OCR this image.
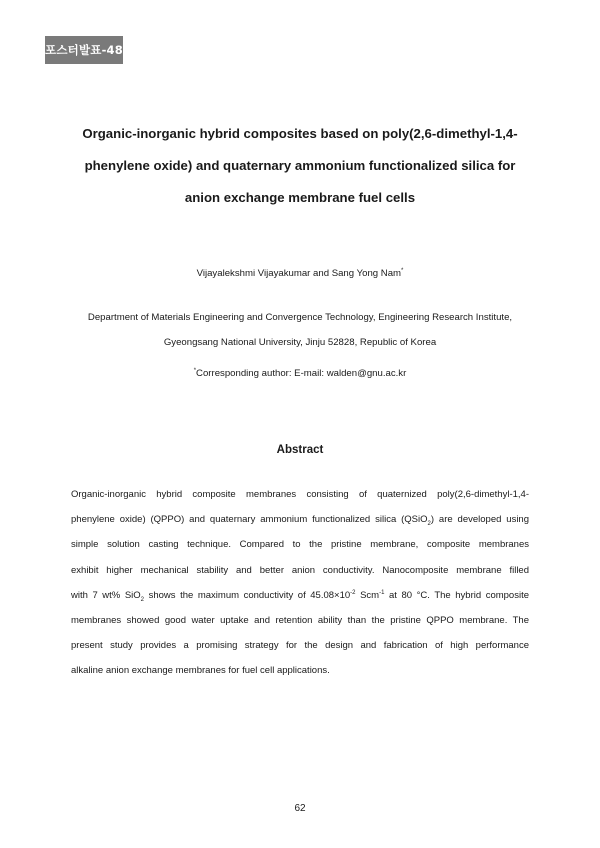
포스터발표-48
Organic-inorganic hybrid composites based on poly(2,6-dimethyl-1,4-
phenylene oxide) and quaternary ammonium functionalized silica for
anion exchange membrane fuel cells
Vijayalekshmi Vijayakumar and Sang Yong Nam*

Department of Materials Engineering and Convergence Technology, Engineering Research Institute,
Gyeongsang National University, Jinju 52828, Republic of Korea

*Corresponding author: E-mail: walden@gnu.ac.kr
Abstract
Organic-inorganic hybrid composite membranes consisting of quaternized poly(2,6-dimethyl-1,4-
phenylene oxide) (QPPO) and quaternary ammonium functionalized silica (QSiO$_2$) are developed using
simple solution casting technique. Compared to the pristine membrane, composite membranes
exhibit higher mechanical stability and better anion conductivity. Nanocomposite membrane filled
with 7 wt% SiO$_2$ shows the maximum conductivity of $45.08\times 10^{-2}$ Scm$^{-1}$ at 80 °C. The hybrid composite
membranes showed good water uptake and retention ability than the pristine QPPO membrane. The
present study provides a promising strategy for the design and fabrication of high performance
alkaline anion exchange membranes for fuel cell applications.
62
